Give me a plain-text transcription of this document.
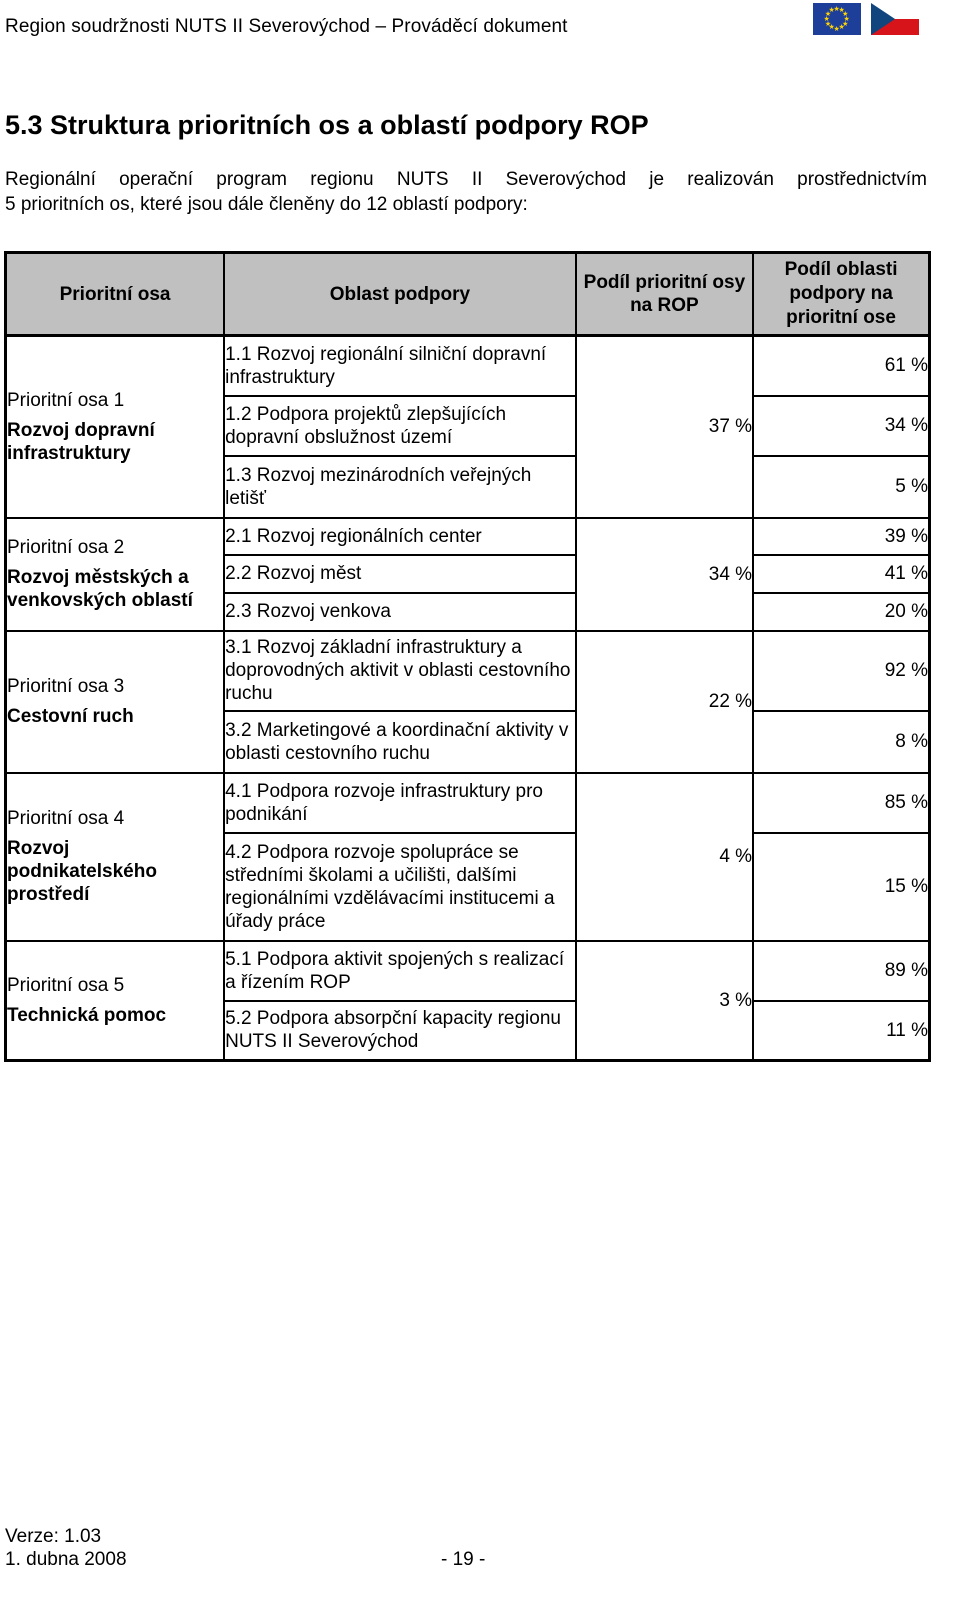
Region soudržnosti NUTS II Severovýchod – Prováděcí dokument
★
★
★
★
★
★
★
★
★
★
★
★
5.3 Struktura prioritních os a oblastí podpory ROP
Regionální operační program regionu NUTS II Severovýchod je realizován prostřednictvím
5 prioritních os, které jsou dále členěny do 12 oblastí podpory:
Prioritní osa	Oblast podpory	Podíl prioritní osy na ROP	Podíl oblasti podpory na prioritní ose

Prioritní osa 1
Rozvoj dopravní infrastruktury	1.1 Rozvoj regionální silniční dopravní infrastruktury	37 %	61 %
	1.2 Podpora projektů zlepšujících dopravní obslužnost území		34 %
	1.3 Rozvoj mezinárodních veřejných letišť		5 %

Prioritní osa 2
Rozvoj městských a venkovských oblastí	2.1 Rozvoj regionálních center	34 %	39 %
	2.2 Rozvoj měst		41 %
	2.3 Rozvoj venkova		20 %

Prioritní osa 3
Cestovní ruch	3.1 Rozvoj základní infrastruktury a doprovodných aktivit v oblasti cestovního ruchu	22 %	92 %
	3.2 Marketingové a koordinační aktivity v oblasti cestovního ruchu		8 %

Prioritní osa 4
Rozvoj podnikatelského prostředí	4.1 Podpora rozvoje infrastruktury pro podnikání	4 %	85 %
	4.2 Podpora rozvoje spolupráce se středními školami a učilišti, dalšími regionálními vzdělávacími institucemi a úřady práce		15 %

Prioritní osa 5
Technická pomoc	5.1 Podpora aktivit spojených s realizací a řízením ROP	3 %	89 %
	5.2 Podpora absorpční kapacity regionu NUTS II Severovýchod		11 %
Verze: 1.03
1. dubna 2008	- 19 -
